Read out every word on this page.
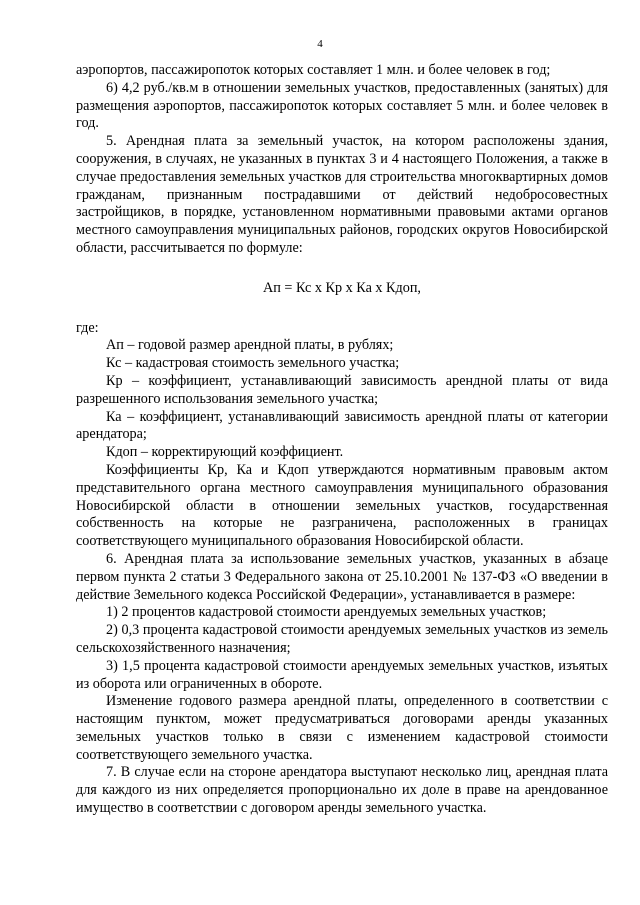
4

аэропортов, пассажиропоток которых составляет 1 млн. и более человек в год;

6) 4,2 руб./кв.м в отношении земельных участков, предоставленных (занятых) для размещения аэропортов, пассажиропоток которых составляет 5 млн. и более человек в год.

5. Арендная плата за земельный участок, на котором расположены здания, сооружения, в случаях, не указанных в пунктах 3 и 4 настоящего Положения, а также в случае предоставления земельных участков для строительства многоквартирных домов гражданам, признанным пострадавшими от действий недобросовестных застройщиков, в порядке, установленном нормативными правовыми актами органов местного самоуправления муниципальных районов, городских округов Новосибирской области, рассчитывается по формуле:

Ап = Кс х Кр х Ка х Кдоп,

где:

Ап – годовой размер арендной платы, в рублях;

Кс – кадастровая стоимость земельного участка;

Кр – коэффициент, устанавливающий зависимость арендной платы от вида разрешенного использования земельного участка;

Ка – коэффициент, устанавливающий зависимость арендной платы от категории арендатора;

Кдоп – корректирующий коэффициент.

Коэффициенты Кр, Ка и Кдоп утверждаются нормативным правовым актом представительного органа местного самоуправления муниципального образования Новосибирской области в отношении земельных участков, государственная собственность на которые не разграничена, расположенных в границах соответствующего муниципального образования Новосибирской области.

6. Арендная плата за использование земельных участков, указанных в абзаце первом пункта 2 статьи 3 Федерального закона от 25.10.2001 № 137-ФЗ «О введении в действие Земельного кодекса Российской Федерации», устанавливается в размере:

1) 2 процентов кадастровой стоимости арендуемых земельных участков;

2) 0,3 процента кадастровой стоимости арендуемых земельных участков из земель сельскохозяйственного назначения;

3) 1,5 процента кадастровой стоимости арендуемых земельных участков, изъятых из оборота или ограниченных в обороте.

Изменение годового размера арендной платы, определенного в соответствии с настоящим пунктом, может предусматриваться договорами аренды указанных земельных участков только в связи с изменением кадастровой стоимости соответствующего земельного участка.

7. В случае если на стороне арендатора выступают несколько лиц, арендная плата для каждого из них определяется пропорционально их доле в праве на арендованное имущество в соответствии с договором аренды земельного участка.
